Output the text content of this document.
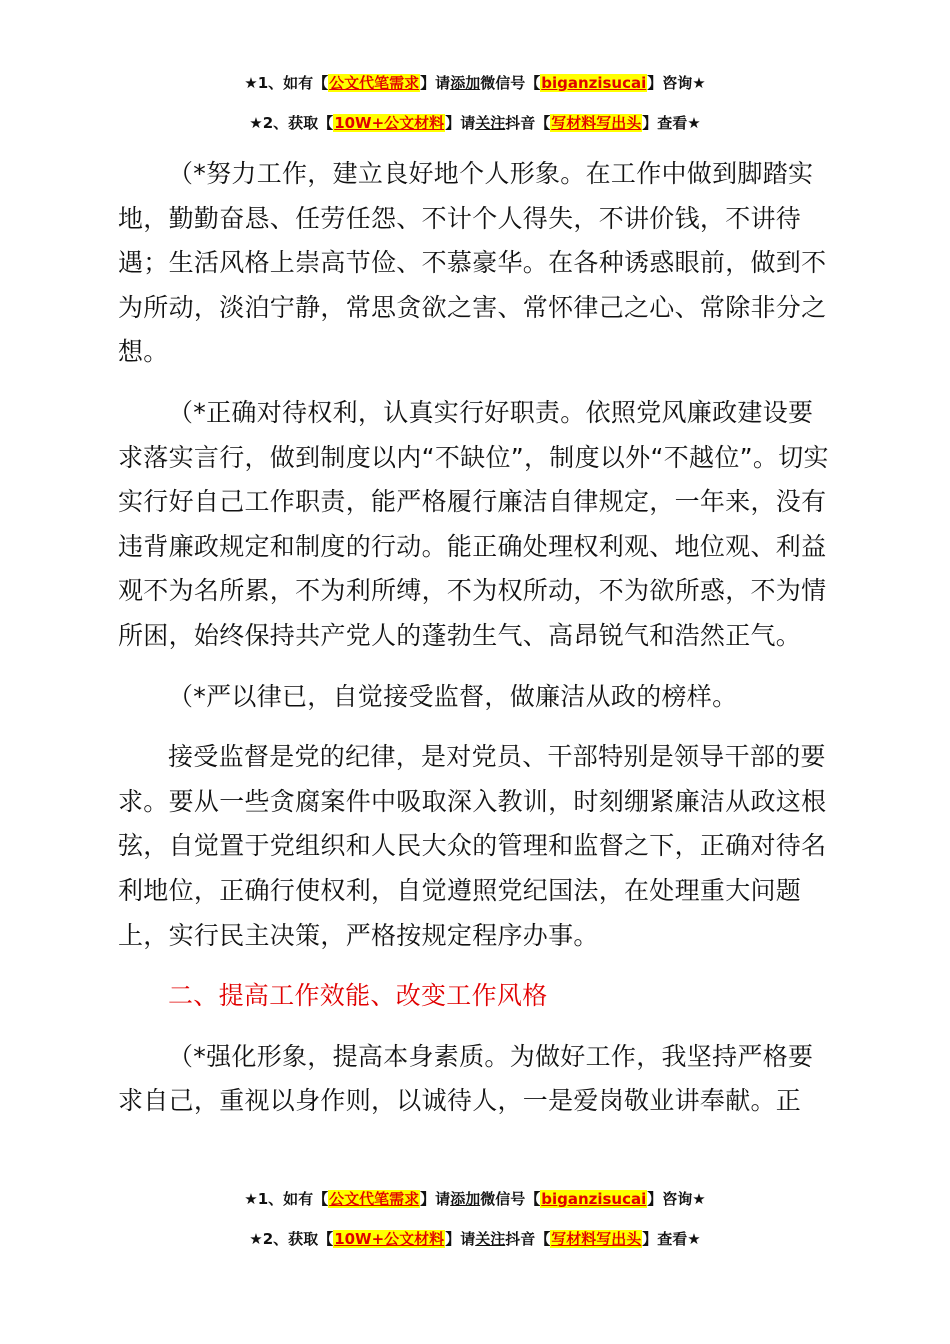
★1、如有【公文代笔需求】请添加微信号【biganzisucai】咨询★
★2、获取【10W+公文材料】请关注抖音【写材料写出头】查看★

（*努力工作，建立良好地个人形象。在工作中做到脚踏实地，勤勤奋恳、任劳任怨、不计个人得失，不讲价钱，不讲待遇；生活风格上崇高节俭、不慕豪华。在各种诱惑眼前，做到不为所动，淡泊宁静，常思贪欲之害、常怀律己之心、常除非分之想。

（*正确对待权利，认真实行好职责。依照党风廉政建设要求落实言行，做到制度以内“不缺位”，制度以外“不越位”。切实实行好自己工作职责，能严格履行廉洁自律规定，一年来，没有违背廉政规定和制度的行动。能正确处理权利观、地位观、利益观不为名所累，不为利所缚，不为权所动，不为欲所惑，不为情所困，始终保持共产党人的蓬勃生气、高昂锐气和浩然正气。

（*严以律已，自觉接受监督，做廉洁从政的榜样。

接受监督是党的纪律，是对党员、干部特别是领导干部的要求。要从一些贪腐案件中吸取深入教训，时刻绷紧廉洁从政这根弦，自觉置于党组织和人民大众的管理和监督之下，正确对待名利地位，正确行使权利，自觉遵照党纪国法，在处理重大问题上，实行民主决策，严格按规定程序办事。

二、提高工作效能、改变工作风格

（*强化形象，提高本身素质。为做好工作，我坚持严格要求自己，重视以身作则，以诚待人，一是爱岗敬业讲奉献。正

★1、如有【公文代笔需求】请添加微信号【biganzisucai】咨询★
★2、获取【10W+公文材料】请关注抖音【写材料写出头】查看★
